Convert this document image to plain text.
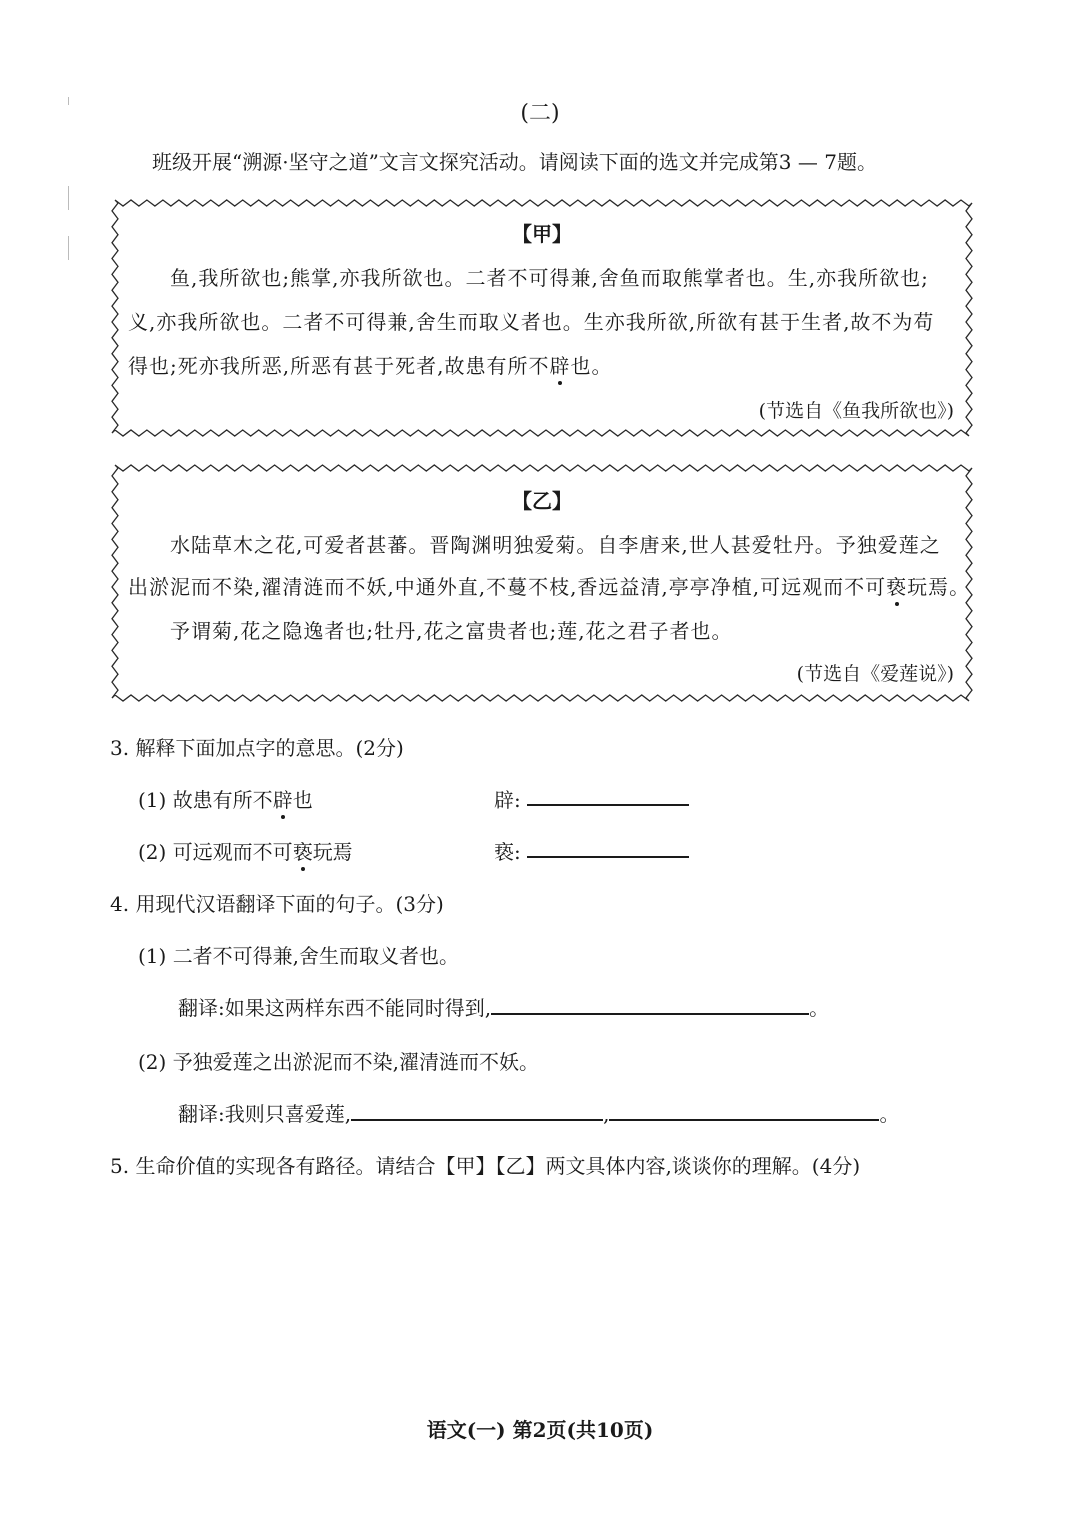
(二)
班级开展“溯源·坚守之道”文言文探究活动。请阅读下面的选文并完成第3 — 7题。
【甲】
鱼,我所欲也;熊掌,亦我所欲也。二者不可得兼,舍鱼而取熊掌者也。生,亦我所欲也;
义,亦我所欲也。二者不可得兼,舍生而取义者也。生亦我所欲,所欲有甚于生者,故不为苟
得也;死亦我所恶,所恶有甚于死者,故患有所不辟也。
(节选自《鱼我所欲也》)
【乙】
水陆草木之花,可爱者甚蕃。晋陶渊明独爱菊。自李唐来,世人甚爱牡丹。予独爱莲之
出淤泥而不染,濯清涟而不妖,中通外直,不蔓不枝,香远益清,亭亭净植,可远观而不可亵玩焉。
予谓菊,花之隐逸者也;牡丹,花之富贵者也;莲,花之君子者也。
(节选自《爱莲说》)
3. 解释下面加点字的意思。(2分)
(1) 故患有所不辟也	辟:
(2) 可远观而不可亵玩焉	亵:
4. 用现代汉语翻译下面的句子。(3分)
(1) 二者不可得兼,舍生而取义者也。
翻译:如果这两样东西不能同时得到,	。
(2) 予独爱莲之出淤泥而不染,濯清涟而不妖。
翻译:我则只喜爱莲,	,	。
5. 生命价值的实现各有路径。请结合【甲】【乙】两文具体内容,谈谈你的理解。(4分)
语文(一) 第2页(共10页)
